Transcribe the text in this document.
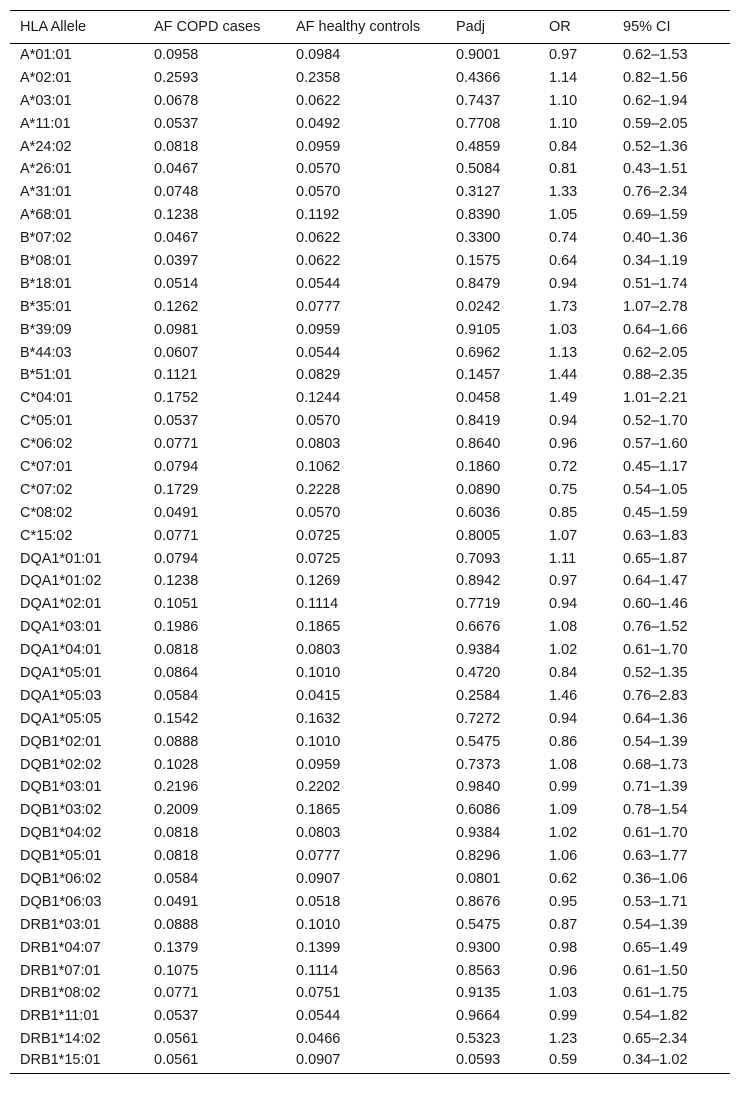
HLA Allele	AF COPD cases	AF healthy controls	Padj	OR	95% CI
A*01:01	0.0958	0.0984	0.9001	0.97	0.62–1.53
A*02:01	0.2593	0.2358	0.4366	1.14	0.82–1.56
A*03:01	0.0678	0.0622	0.7437	1.10	0.62–1.94
A*11:01	0.0537	0.0492	0.7708	1.10	0.59–2.05
A*24:02	0.0818	0.0959	0.4859	0.84	0.52–1.36
A*26:01	0.0467	0.0570	0.5084	0.81	0.43–1.51
A*31:01	0.0748	0.0570	0.3127	1.33	0.76–2.34
A*68:01	0.1238	0.1192	0.8390	1.05	0.69–1.59
B*07:02	0.0467	0.0622	0.3300	0.74	0.40–1.36
B*08:01	0.0397	0.0622	0.1575	0.64	0.34–1.19
B*18:01	0.0514	0.0544	0.8479	0.94	0.51–1.74
B*35:01	0.1262	0.0777	0.0242	1.73	1.07–2.78
B*39:09	0.0981	0.0959	0.9105	1.03	0.64–1.66
B*44:03	0.0607	0.0544	0.6962	1.13	0.62–2.05
B*51:01	0.1121	0.0829	0.1457	1.44	0.88–2.35
C*04:01	0.1752	0.1244	0.0458	1.49	1.01–2.21
C*05:01	0.0537	0.0570	0.8419	0.94	0.52–1.70
C*06:02	0.0771	0.0803	0.8640	0.96	0.57–1.60
C*07:01	0.0794	0.1062	0.1860	0.72	0.45–1.17
C*07:02	0.1729	0.2228	0.0890	0.75	0.54–1.05
C*08:02	0.0491	0.0570	0.6036	0.85	0.45–1.59
C*15:02	0.0771	0.0725	0.8005	1.07	0.63–1.83
DQA1*01:01	0.0794	0.0725	0.7093	1.11	0.65–1.87
DQA1*01:02	0.1238	0.1269	0.8942	0.97	0.64–1.47
DQA1*02:01	0.1051	0.1114	0.7719	0.94	0.60–1.46
DQA1*03:01	0.1986	0.1865	0.6676	1.08	0.76–1.52
DQA1*04:01	0.0818	0.0803	0.9384	1.02	0.61–1.70
DQA1*05:01	0.0864	0.1010	0.4720	0.84	0.52–1.35
DQA1*05:03	0.0584	0.0415	0.2584	1.46	0.76–2.83
DQA1*05:05	0.1542	0.1632	0.7272	0.94	0.64–1.36
DQB1*02:01	0.0888	0.1010	0.5475	0.86	0.54–1.39
DQB1*02:02	0.1028	0.0959	0.7373	1.08	0.68–1.73
DQB1*03:01	0.2196	0.2202	0.9840	0.99	0.71–1.39
DQB1*03:02	0.2009	0.1865	0.6086	1.09	0.78–1.54
DQB1*04:02	0.0818	0.0803	0.9384	1.02	0.61–1.70
DQB1*05:01	0.0818	0.0777	0.8296	1.06	0.63–1.77
DQB1*06:02	0.0584	0.0907	0.0801	0.62	0.36–1.06
DQB1*06:03	0.0491	0.0518	0.8676	0.95	0.53–1.71
DRB1*03:01	0.0888	0.1010	0.5475	0.87	0.54–1.39
DRB1*04:07	0.1379	0.1399	0.9300	0.98	0.65–1.49
DRB1*07:01	0.1075	0.1114	0.8563	0.96	0.61–1.50
DRB1*08:02	0.0771	0.0751	0.9135	1.03	0.61–1.75
DRB1*11:01	0.0537	0.0544	0.9664	0.99	0.54–1.82
DRB1*14:02	0.0561	0.0466	0.5323	1.23	0.65–2.34
DRB1*15:01	0.0561	0.0907	0.0593	0.59	0.34–1.02
